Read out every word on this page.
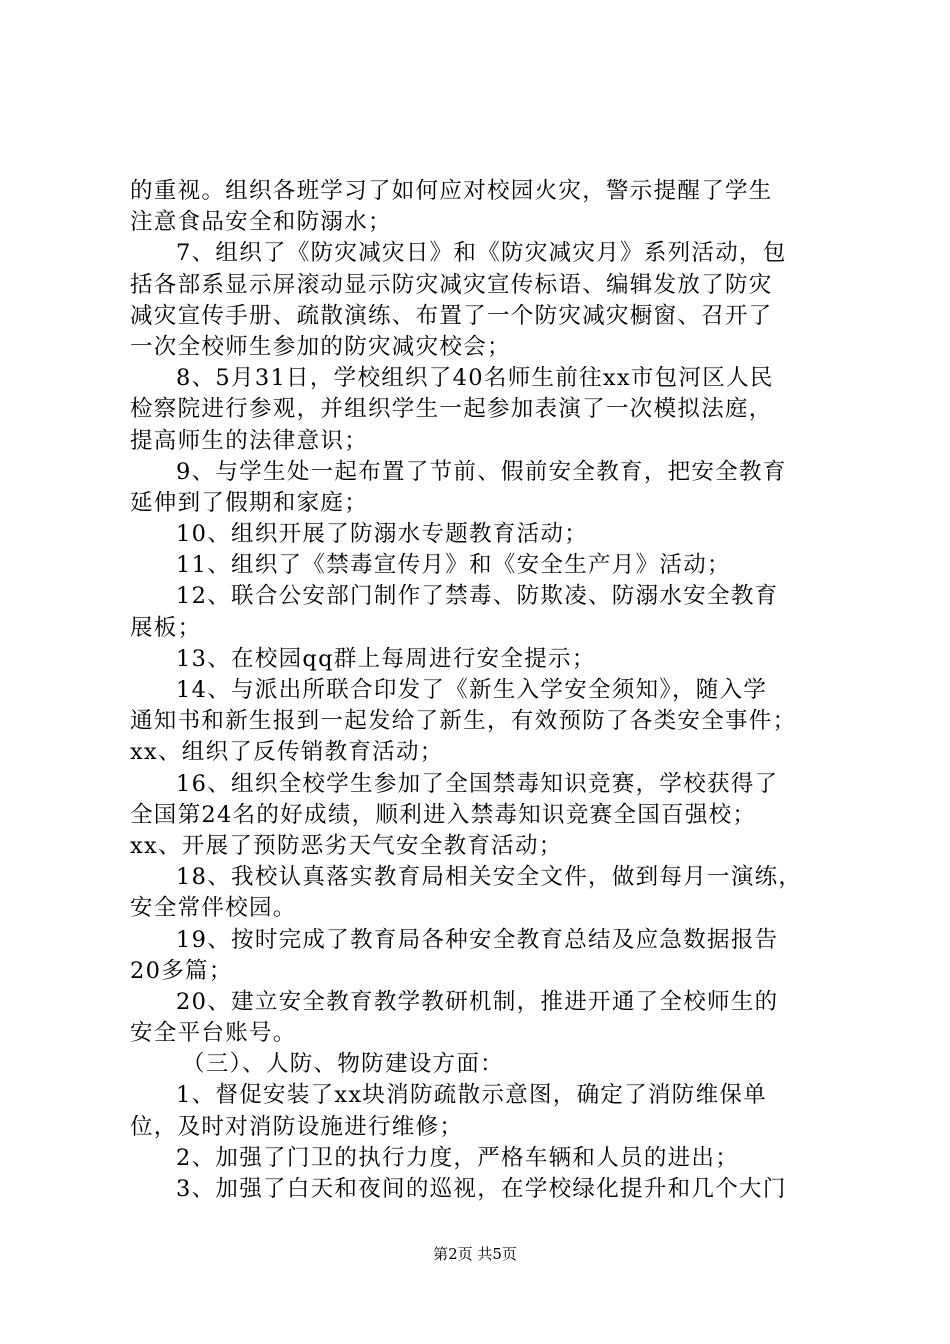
的重视。组织各班学习了如何应对校园火灾，警示提醒了学生
注意食品安全和防溺水；
7、组织了《防灾减灾日》和《防灾减灾月》系列活动，包
括各部系显示屏滚动显示防灾减灾宣传标语、编辑发放了防灾
减灾宣传手册、疏散演练、布置了一个防灾减灾橱窗、召开了
一次全校师生参加的防灾减灾校会；
8、5月31日，学校组织了40名师生前往xx市包河区人民
检察院进行参观，并组织学生一起参加表演了一次模拟法庭，
提高师生的法律意识；
9、与学生处一起布置了节前、假前安全教育，把安全教育
延伸到了假期和家庭；
10、组织开展了防溺水专题教育活动；
11、组织了《禁毒宣传月》和《安全生产月》活动；
12、联合公安部门制作了禁毒、防欺凌、防溺水安全教育
展板；
13、在校园qq群上每周进行安全提示；
14、与派出所联合印发了《新生入学安全须知》，随入学
通知书和新生报到一起发给了新生，有效预防了各类安全事件；
xx、组织了反传销教育活动；
16、组织全校学生参加了全国禁毒知识竞赛，学校获得了
全国第24名的好成绩，顺利进入禁毒知识竞赛全国百强校；
xx、开展了预防恶劣天气安全教育活动；
18、我校认真落实教育局相关安全文件，做到每月一演练，
安全常伴校园。
19、按时完成了教育局各种安全教育总结及应急数据报告
20多篇；
20、建立安全教育教学教研机制，推进开通了全校师生的
安全平台账号。
（三）、人防、物防建设方面：
1、督促安装了xx块消防疏散示意图，确定了消防维保单
位，及时对消防设施进行维修；
2、加强了门卫的执行力度，严格车辆和人员的进出；
3、加强了白天和夜间的巡视，在学校绿化提升和几个大门
第2页 共5页
